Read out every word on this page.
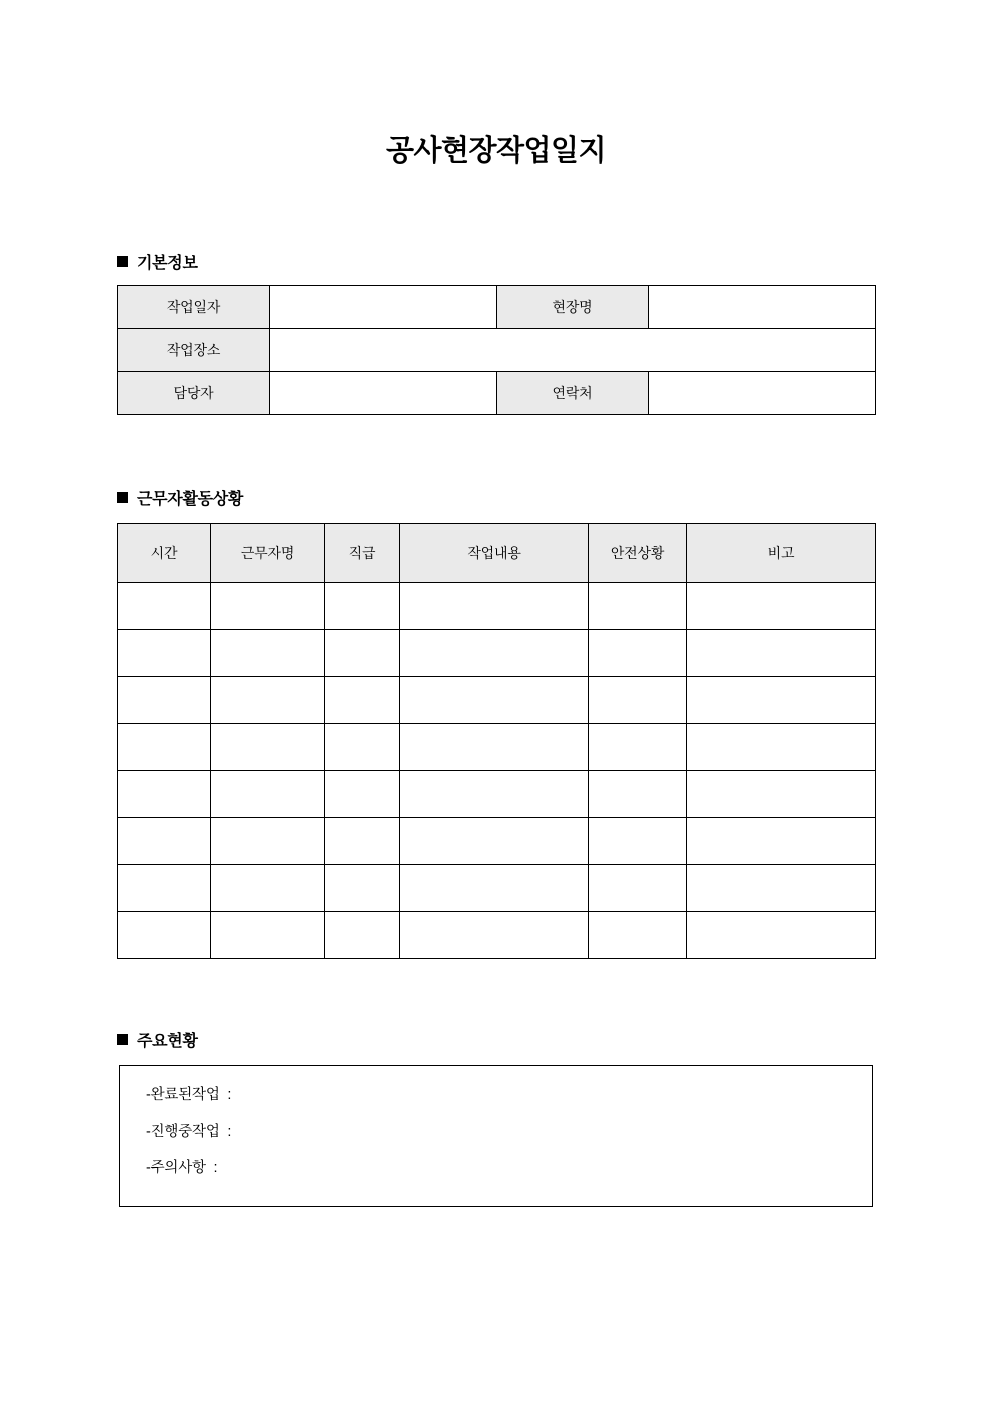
공사현장작업일지
기본정보
작업일자		현장명	
작업장소			
담당자		연락처	
근무자활동상황
시간	근무자명	직급	작업내용	안전상황	비고

주요현황
-완료된작업  :
-진행중작업  :
-주의사항  :
